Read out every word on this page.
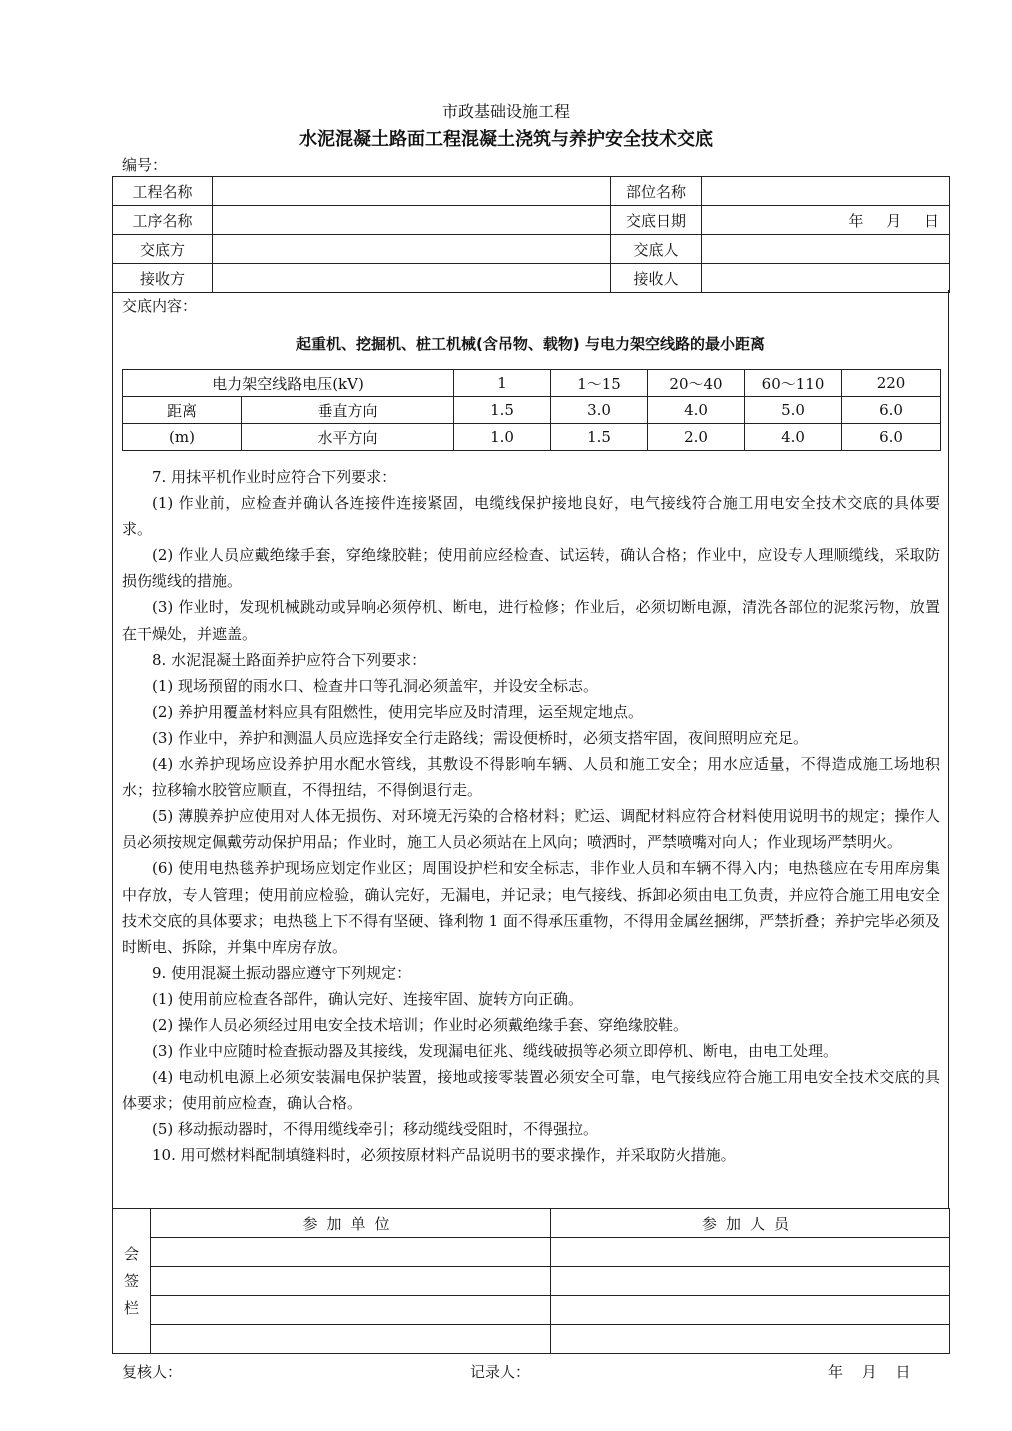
市政基础设施工程
水泥混凝土路面工程混凝土浇筑与养护安全技术交底
编号：
工程名称		部位名称	
工序名称		交底日期	年 月 日
交底方		交底人	
接收方		接收人	
交底内容：
起重机、挖掘机、桩工机械(含吊物、载物) 与电力架空线路的最小距离
电力架空线路电压(kV)		1	1～15	20～40	60～110	220
距离	垂直方向	1.5	3.0	4.0	5.0	6.0
(m)	水平方向	1.0	1.5	2.0	4.0	6.0

7. 用抹平机作业时应符合下列要求：

(1) 作业前，应检查并确认各连接件连接紧固，电缆线保护接地良好，电气接线符合施工用电安全技术交底的具体要求。

(2) 作业人员应戴绝缘手套，穿绝缘胶鞋；使用前应经检查、试运转，确认合格；作业中，应设专人理顺缆线，采取防损伤缆线的措施。

(3) 作业时，发现机械跳动或异响必须停机、断电，进行检修；作业后，必须切断电源，清洗各部位的泥浆污物，放置在干燥处，并遮盖。

8. 水泥混凝土路面养护应符合下列要求：

(1) 现场预留的雨水口、检查井口等孔洞必须盖牢，并设安全标志。

(2) 养护用覆盖材料应具有阻燃性，使用完毕应及时清理，运至规定地点。

(3) 作业中，养护和测温人员应选择安全行走路线；需设便桥时，必须支搭牢固，夜间照明应充足。

(4) 水养护现场应设养护用水配水管线，其敷设不得影响车辆、人员和施工安全；用水应适量，不得造成施工场地积水；拉移输水胶管应顺直，不得扭结，不得倒退行走。

(5) 薄膜养护应使用对人体无损伤、对环境无污染的合格材料；贮运、调配材料应符合材料使用说明书的规定；操作人员必须按规定佩戴劳动保护用品；作业时，施工人员必须站在上风向；喷洒时，严禁喷嘴对向人；作业现场严禁明火。

(6) 使用电热毯养护现场应划定作业区；周围设护栏和安全标志，非作业人员和车辆不得入内；电热毯应在专用库房集中存放，专人管理；使用前应检验，确认完好，无漏电，并记录；电气接线、拆卸必须由电工负责，并应符合施工用电安全技术交底的具体要求；电热毯上下不得有坚硬、锋利物 1 面不得承压重物，不得用金属丝捆绑，严禁折叠；养护完毕必须及时断电、拆除，并集中库房存放。

9. 使用混凝土振动器应遵守下列规定：

(1) 使用前应检查各部件，确认完好、连接牢固、旋转方向正确。

(2) 操作人员必须经过用电安全技术培训；作业时必须戴绝缘手套、穿绝缘胶鞋。

(3) 作业中应随时检查振动器及其接线，发现漏电征兆、缆线破损等必须立即停机、断电，由电工处理。

(4) 电动机电源上必须安装漏电保护装置，接地或接零装置必须安全可靠，电气接线应符合施工用电安全技术交底的具体要求；使用前应检查，确认合格。

(5) 移动振动器时，不得用缆线牵引；移动缆线受阻时，不得强拉。

10. 用可燃材料配制填缝料时，必须按原材料产品说明书的要求操作，并采取防火措施。

会
签
栏	参加单位	参加人员

复核人：	记录人：	年 月 日
